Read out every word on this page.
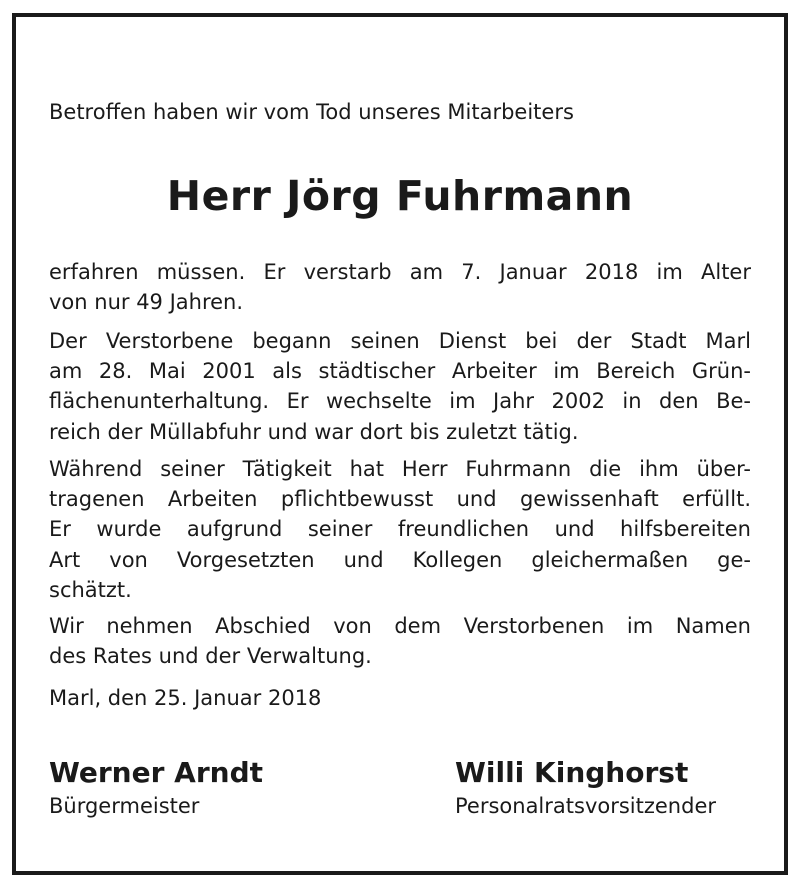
Betroffen haben wir vom Tod unseres Mitarbeiters
Herr Jörg Fuhrmann
erfahren müssen. Er verstarb am 7. Januar 2018 im Alter
von nur 49 Jahren.
Der Verstorbene begann seinen Dienst bei der Stadt Marl
am 28. Mai 2001 als städtischer Arbeiter im Bereich Grün-
flächenunterhaltung. Er wechselte im Jahr 2002 in den Be-
reich der Müllabfuhr und war dort bis zuletzt tätig.
Während seiner Tätigkeit hat Herr Fuhrmann die ihm über-
tragenen Arbeiten pflichtbewusst und gewissenhaft erfüllt.
Er wurde aufgrund seiner freundlichen und hilfsbereiten
Art von Vorgesetzten und Kollegen gleichermaßen ge-
schätzt.
Wir nehmen Abschied von dem Verstorbenen im Namen
des Rates und der Verwaltung.
Marl, den 25. Januar 2018
Werner Arndt
Bürgermeister
Willi Kinghorst
Personalratsvorsitzender
